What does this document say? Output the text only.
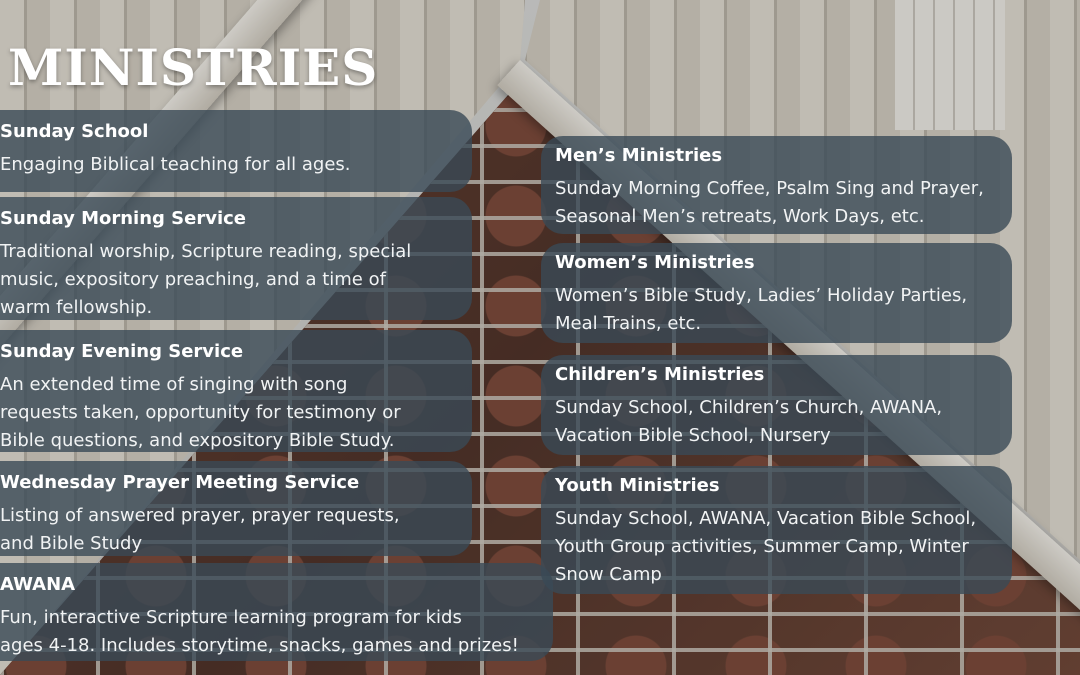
MINISTRIES
Sunday School

Engaging Biblical teaching for all ages.

Sunday Morning Service

Traditional worship, Scripture reading, special
music, expository preaching, and a time of
warm fellowship.

Sunday Evening Service

An extended time of singing with song
requests taken, opportunity for testimony or
Bible questions, and expository Bible Study.

Wednesday Prayer Meeting Service

Listing of answered prayer, prayer requests,
and Bible Study

AWANA

Fun, interactive Scripture learning program for kids
ages 4-18. Includes storytime, snacks, games and prizes!

Men’s Ministries

Sunday Morning Coffee, Psalm Sing and Prayer,
Seasonal Men’s retreats, Work Days, etc.

Women’s Ministries

Women’s Bible Study, Ladies’ Holiday Parties,
Meal Trains, etc.

Children’s Ministries

Sunday School, Children’s Church, AWANA,
Vacation Bible School, Nursery

Youth Ministries

Sunday School, AWANA, Vacation Bible School,
Youth Group activities, Summer Camp, Winter
Snow Camp
